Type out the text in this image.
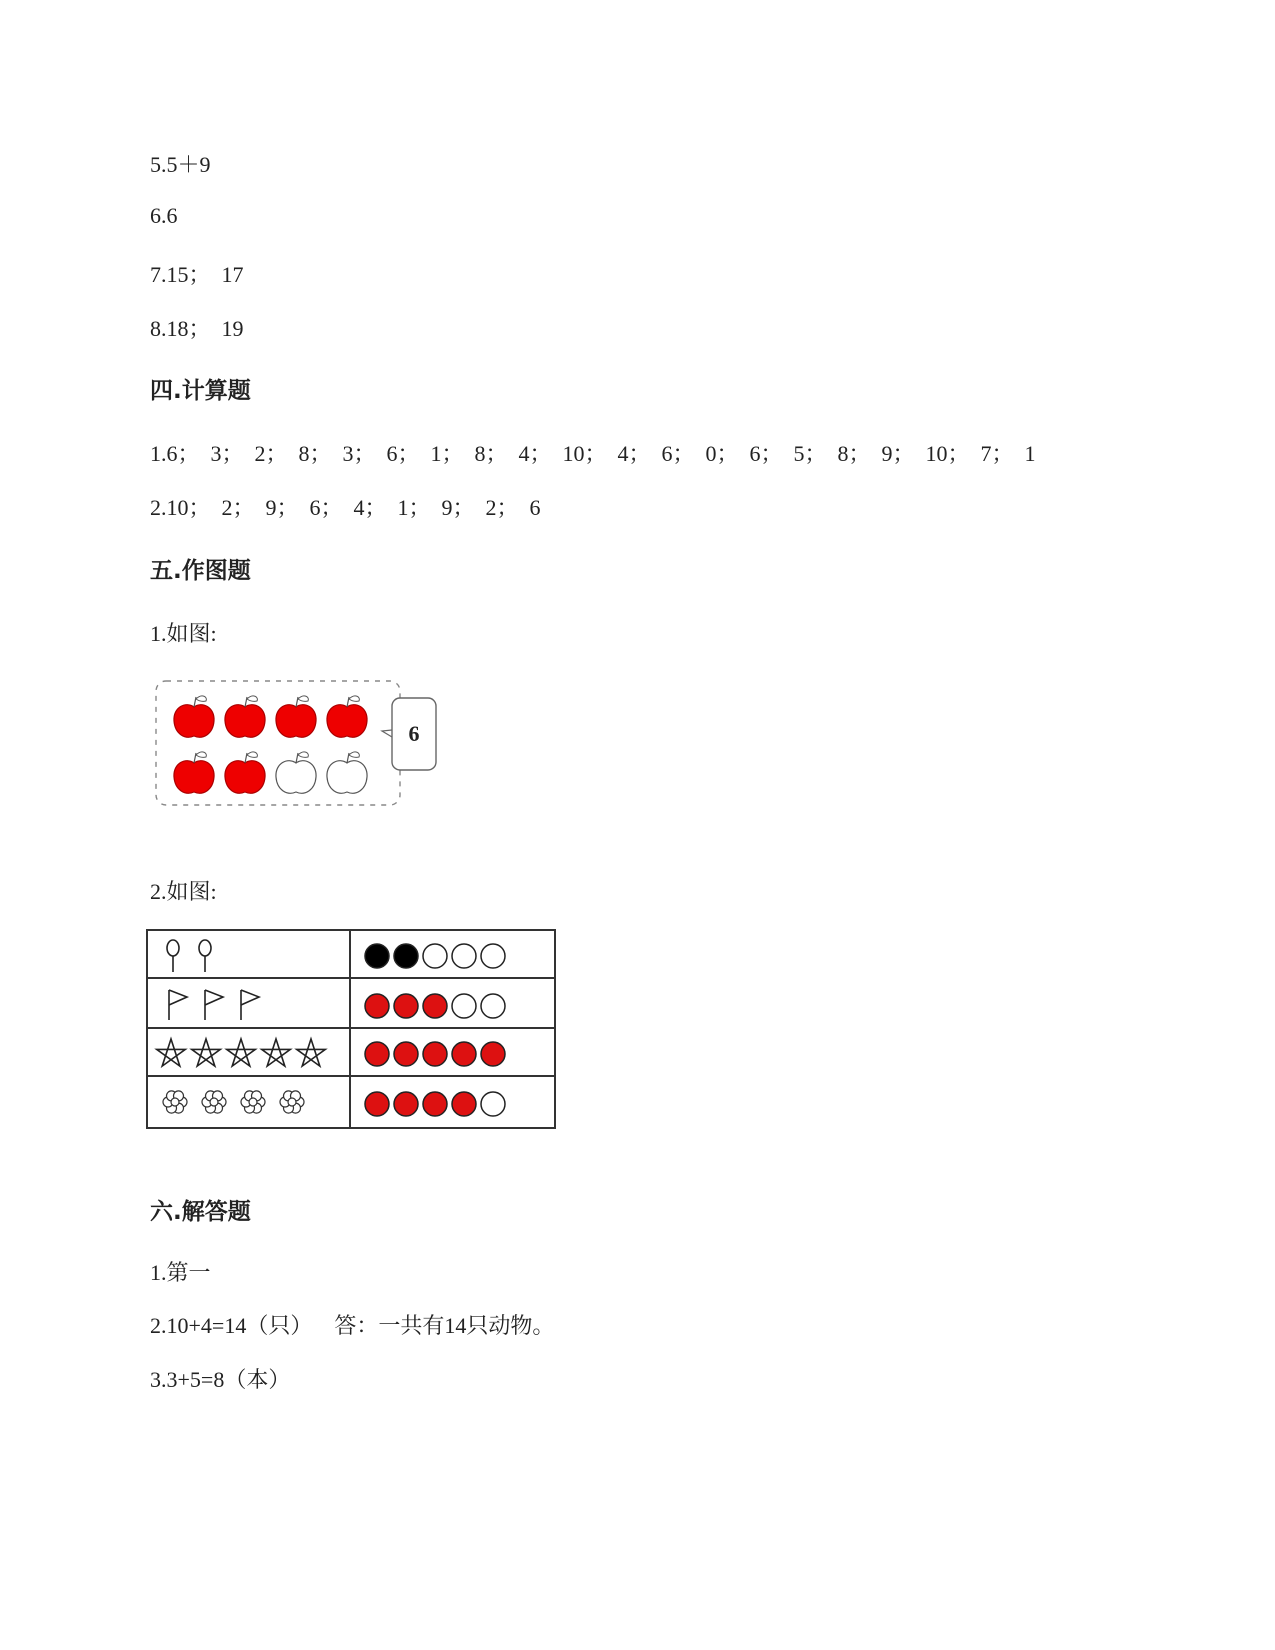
5.5＋9
6.6
7.15；  17
8.18；  19
四.计算题
1.6；  3；  2；  8；  3；  6；  1；  8；  4；  10；  4；  6；  0；  6；  5；  8；  9；  10；  7；  1
2.10；  2；  9；  6；  4；  1；  9；  2；  6
五.作图题
1.如图:
6
2.如图:
六.解答题
1.第一
2.10+4=14（只）    答：一共有14只动物。
3.3+5=8（本）
